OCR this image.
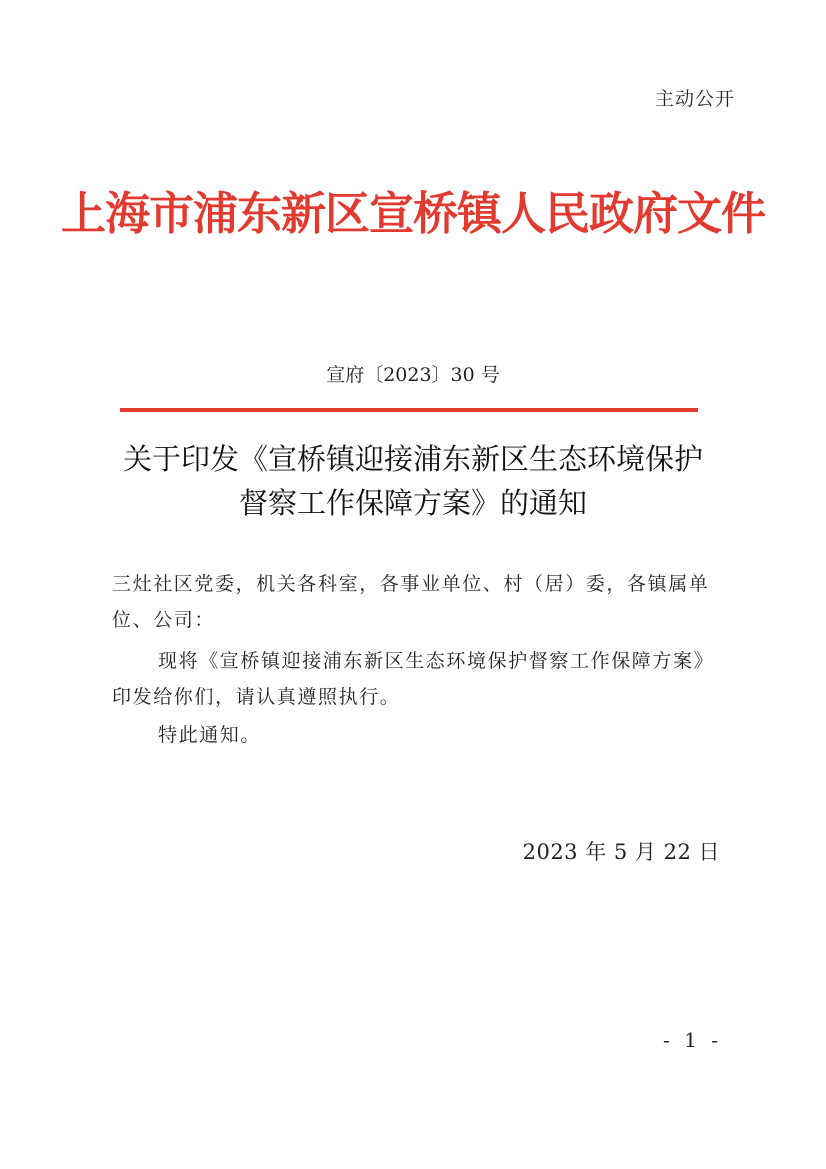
主动公开
上海市浦东新区宣桥镇人民政府文件
宣府〔2023〕30 号
关于印发《宣桥镇迎接浦东新区生态环境保护
督察工作保障方案》的通知
三灶社区党委，机关各科室，各事业单位、村（居）委，各镇属单位、公司：
现将《宣桥镇迎接浦东新区生态环境保护督察工作保障方案》印发给你们，请认真遵照执行。
特此通知。
2023 年 5 月 22 日
- 1 -
